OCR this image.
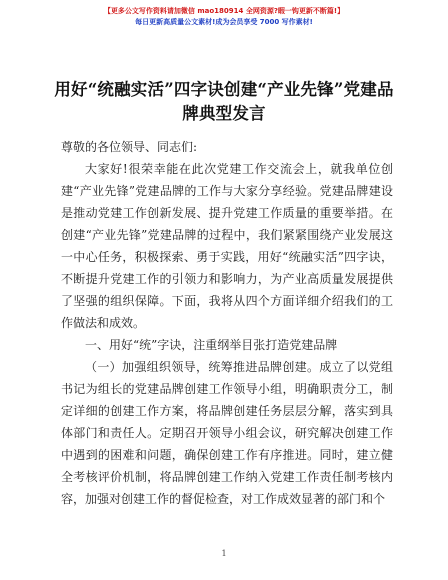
【更多公文写作资料请加微信 mao180914 全网资源?暇一钩更新不断篇!】
每日更新高质量公文素材!成为会员享受 7000 写作素材!
用好“统融实活”四字诀创建“产业先锋”党建品牌典型发言

尊敬的各位领导、同志们:

大家好!很荣幸能在此次党建工作交流会上，就我单位创建“产业先锋”党建品牌的工作与大家分享经验。党建品牌建设是推动党建工作创新发展、提升党建工作质量的重要举措。在创建“产业先锋”党建品牌的过程中，我们紧紧围绕产业发展这一中心任务，积极探索、勇于实践，用好“统融实活”四字诀，不断提升党建工作的引领力和影响力，为产业高质量发展提供了坚强的组织保障。下面，我将从四个方面详细介绍我们的工作做法和成效。

一、用好“统”字诀，注重纲举目张打造党建品牌

（一）加强组织领导，统筹推进品牌创建。成立了以党组书记为组长的党建品牌创建工作领导小组，明确职责分工，制定详细的创建工作方案，将品牌创建任务层层分解，落实到具体部门和责任人。定期召开领导小组会议，研究解决创建工作中遇到的困难和问题，确保创建工作有序推进。同时，建立健全考核评价机制，将品牌创建工作纳入党建工作责任制考核内容，加强对创建工作的督促检查，对工作成效显著的部门和个

1
